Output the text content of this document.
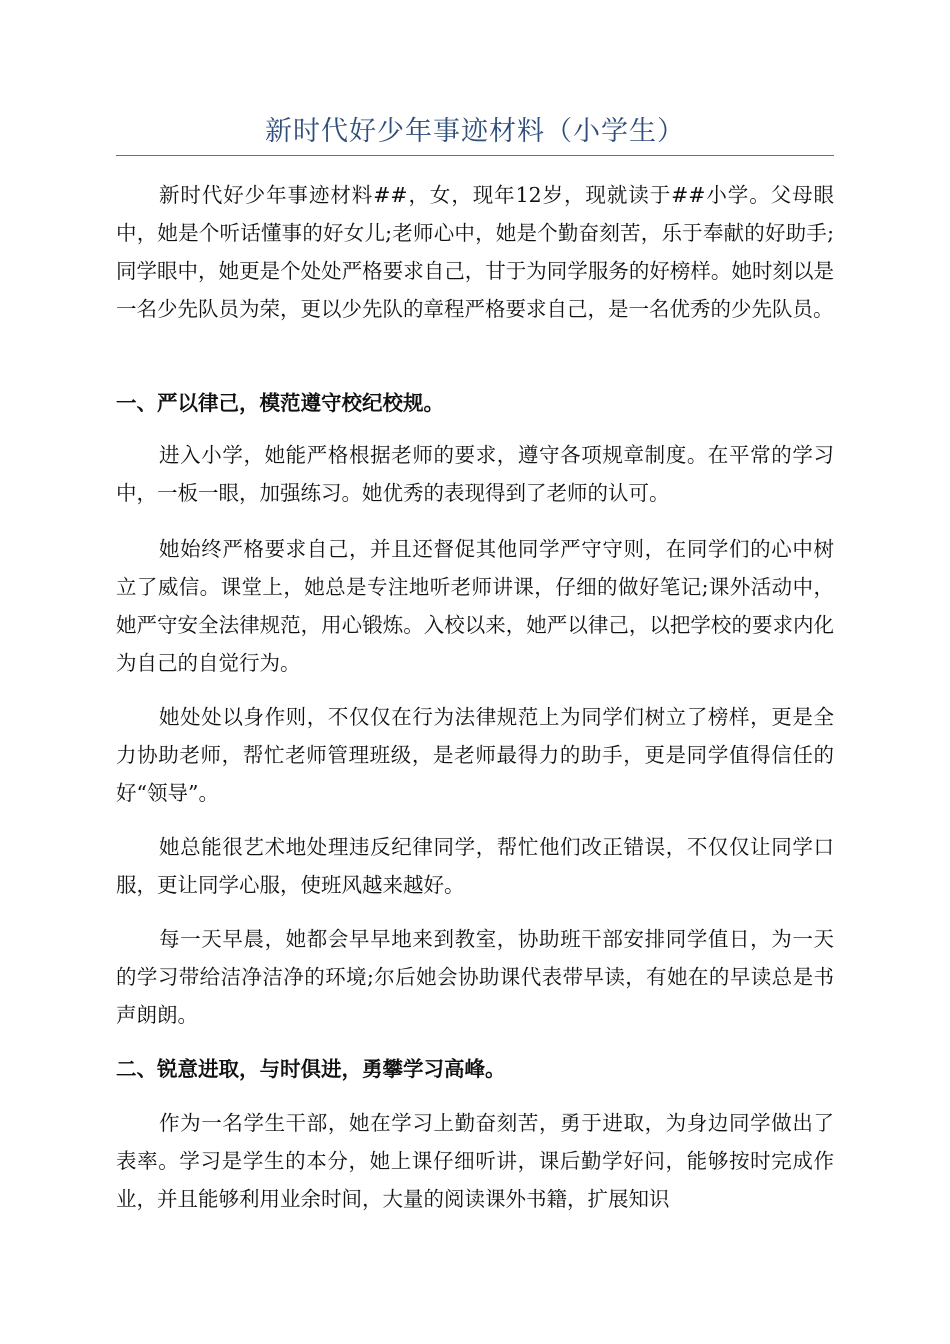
新时代好少年事迹材料（小学生）

新时代好少年事迹材料##，女，现年12岁，现就读于##小学。父母眼中，她是个听话懂事的好女儿;老师心中，她是个勤奋刻苦，乐于奉献的好助手;同学眼中，她更是个处处严格要求自己，甘于为同学服务的好榜样。她时刻以是一名少先队员为荣，更以少先队的章程严格要求自己，是一名优秀的少先队员。

一、严以律己，模范遵守校纪校规。

进入小学，她能严格根据老师的要求，遵守各项规章制度。在平常的学习中，一板一眼，加强练习。她优秀的表现得到了老师的认可。

她始终严格要求自己，并且还督促其他同学严守守则，在同学们的心中树立了威信。课堂上，她总是专注地听老师讲课，仔细的做好笔记;课外活动中，她严守安全法律规范，用心锻炼。入校以来，她严以律己，以把学校的要求内化为自己的自觉行为。

她处处以身作则，不仅仅在行为法律规范上为同学们树立了榜样，更是全力协助老师，帮忙老师管理班级，是老师最得力的助手，更是同学值得信任的好“领导”。

她总能很艺术地处理违反纪律同学，帮忙他们改正错误，不仅仅让同学口服，更让同学心服，使班风越来越好。

每一天早晨，她都会早早地来到教室，协助班干部安排同学值日，为一天的学习带给洁净洁净的环境;尔后她会协助课代表带早读，有她在的早读总是书声朗朗。

二、锐意进取，与时俱进，勇攀学习高峰。

作为一名学生干部，她在学习上勤奋刻苦，勇于进取，为身边同学做出了表率。学习是学生的本分，她上课仔细听讲，课后勤学好问，能够按时完成作业，并且能够利用业余时间，大量的阅读课外书籍，扩展知识
